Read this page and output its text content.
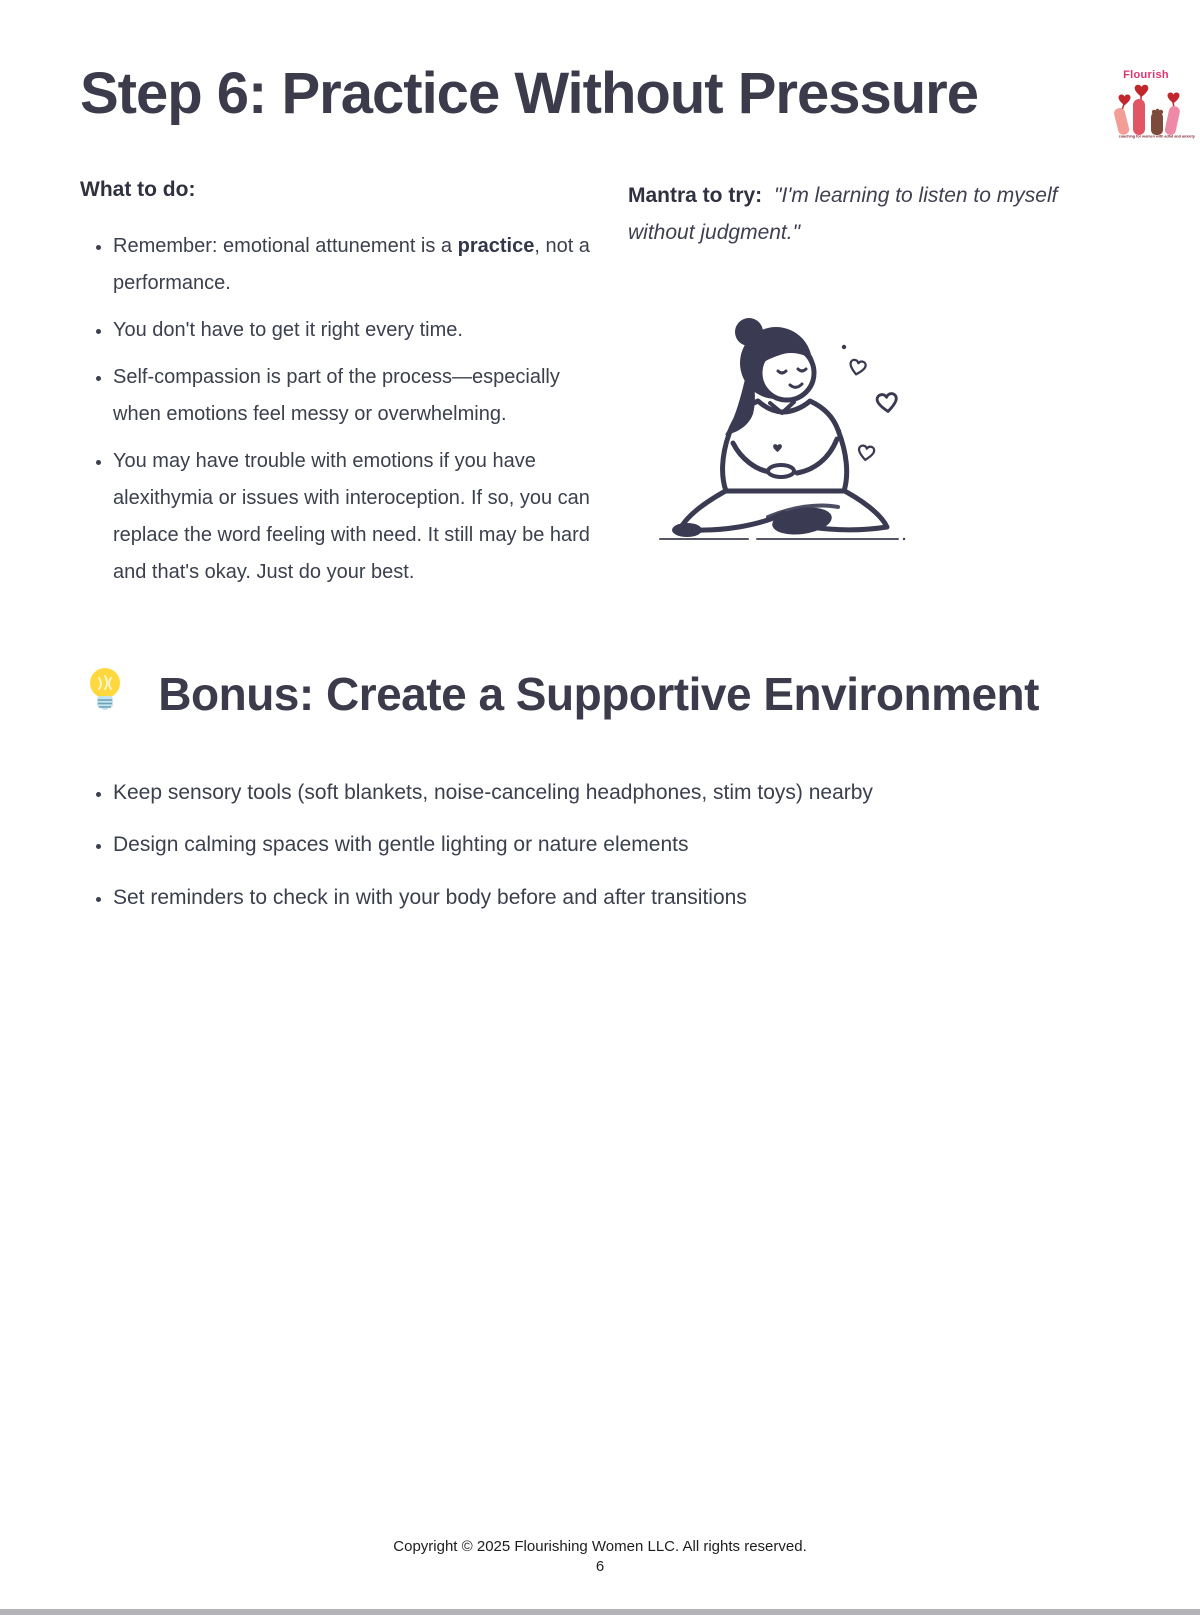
Flourish
coaching for women with adhd and anxiety
Step 6: Practice Without Pressure
What to do:
• Remember: emotional attunement is a practice, not a performance.
• You don't have to get it right every time.
• Self-compassion is part of the process—especially when emotions feel messy or overwhelming.
• You may have trouble with emotions if you have alexithymia or issues with interoception. If so, you can replace the word feeling with need. It still may be hard and that's okay. Just do your best.

Mantra to try: "I'm learning to listen to myself without judgment."

Bonus: Create a Supportive Environment
• Keep sensory tools (soft blankets, noise-canceling headphones, stim toys) nearby
• Design calming spaces with gentle lighting or nature elements
• Set reminders to check in with your body before and after transitions
Copyright © 2025 Flourishing Women LLC. All rights reserved.
6
